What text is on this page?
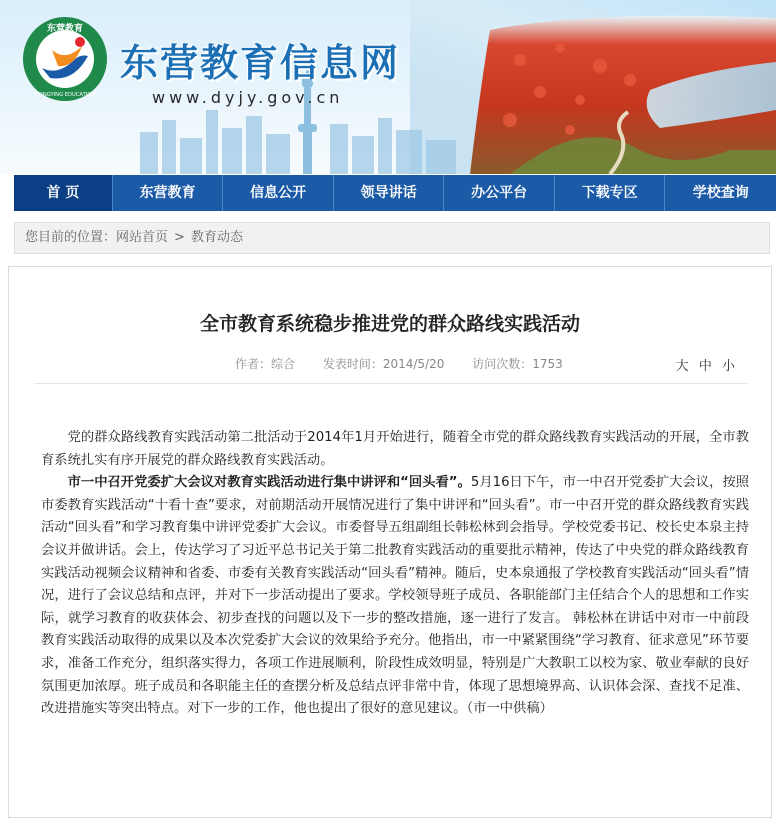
东营教育
DONGYING EDUCATION
东营教育信息网
www.dyjy.gov.cn
首 页	东营教育	信息公开	领导讲话	办公平台	下载专区	学校查询
您目前的位置：网站首页 > 教育动态
全市教育系统稳步推进党的群众路线实践活动
作者：综合 发表时间：2014/5/20 访问次数：1753	大 中 小

党的群众路线教育实践活动第二批活动于2014年1月开始进行，随着全市党的群众路线教育实践活动的开展，全市教育系统扎实有序开展党的群众路线教育实践活动。

市一中召开党委扩大会议对教育实践活动进行集中讲评和“回头看”。5月16日下午，市一中召开党委扩大会议，按照市委教育实践活动“十看十查”要求，对前期活动开展情况进行了集中讲评和“回头看”。市一中召开党的群众路线教育实践活动“回头看”和学习教育集中讲评党委扩大会议。市委督导五组副组长韩松林到会指导。学校党委书记、校长史本泉主持会议并做讲话。会上，传达学习了习近平总书记关于第二批教育实践活动的重要批示精神，传达了中央党的群众路线教育实践活动视频会议精神和省委、市委有关教育实践活动“回头看”精神。随后，史本泉通报了学校教育实践活动“回头看”情况，进行了会议总结和点评，并对下一步活动提出了要求。学校领导班子成员、各职能部门主任结合个人的思想和工作实际，就学习教育的收获体会、初步查找的问题以及下一步的整改措施，逐一进行了发言。 韩松林在讲话中对市一中前段教育实践活动取得的成果以及本次党委扩大会议的效果给予充分。他指出，市一中紧紧围绕“学习教育、征求意见”环节要求，准备工作充分，组织落实得力，各项工作进展顺利，阶段性成效明显，特别是广大教职工以校为家、敬业奉献的良好氛围更加浓厚。班子成员和各职能主任的查摆分析及总结点评非常中肯，体现了思想境界高、认识体会深、查找不足准、改进措施实等突出特点。对下一步的工作，他也提出了很好的意见建议。（市一中供稿）
